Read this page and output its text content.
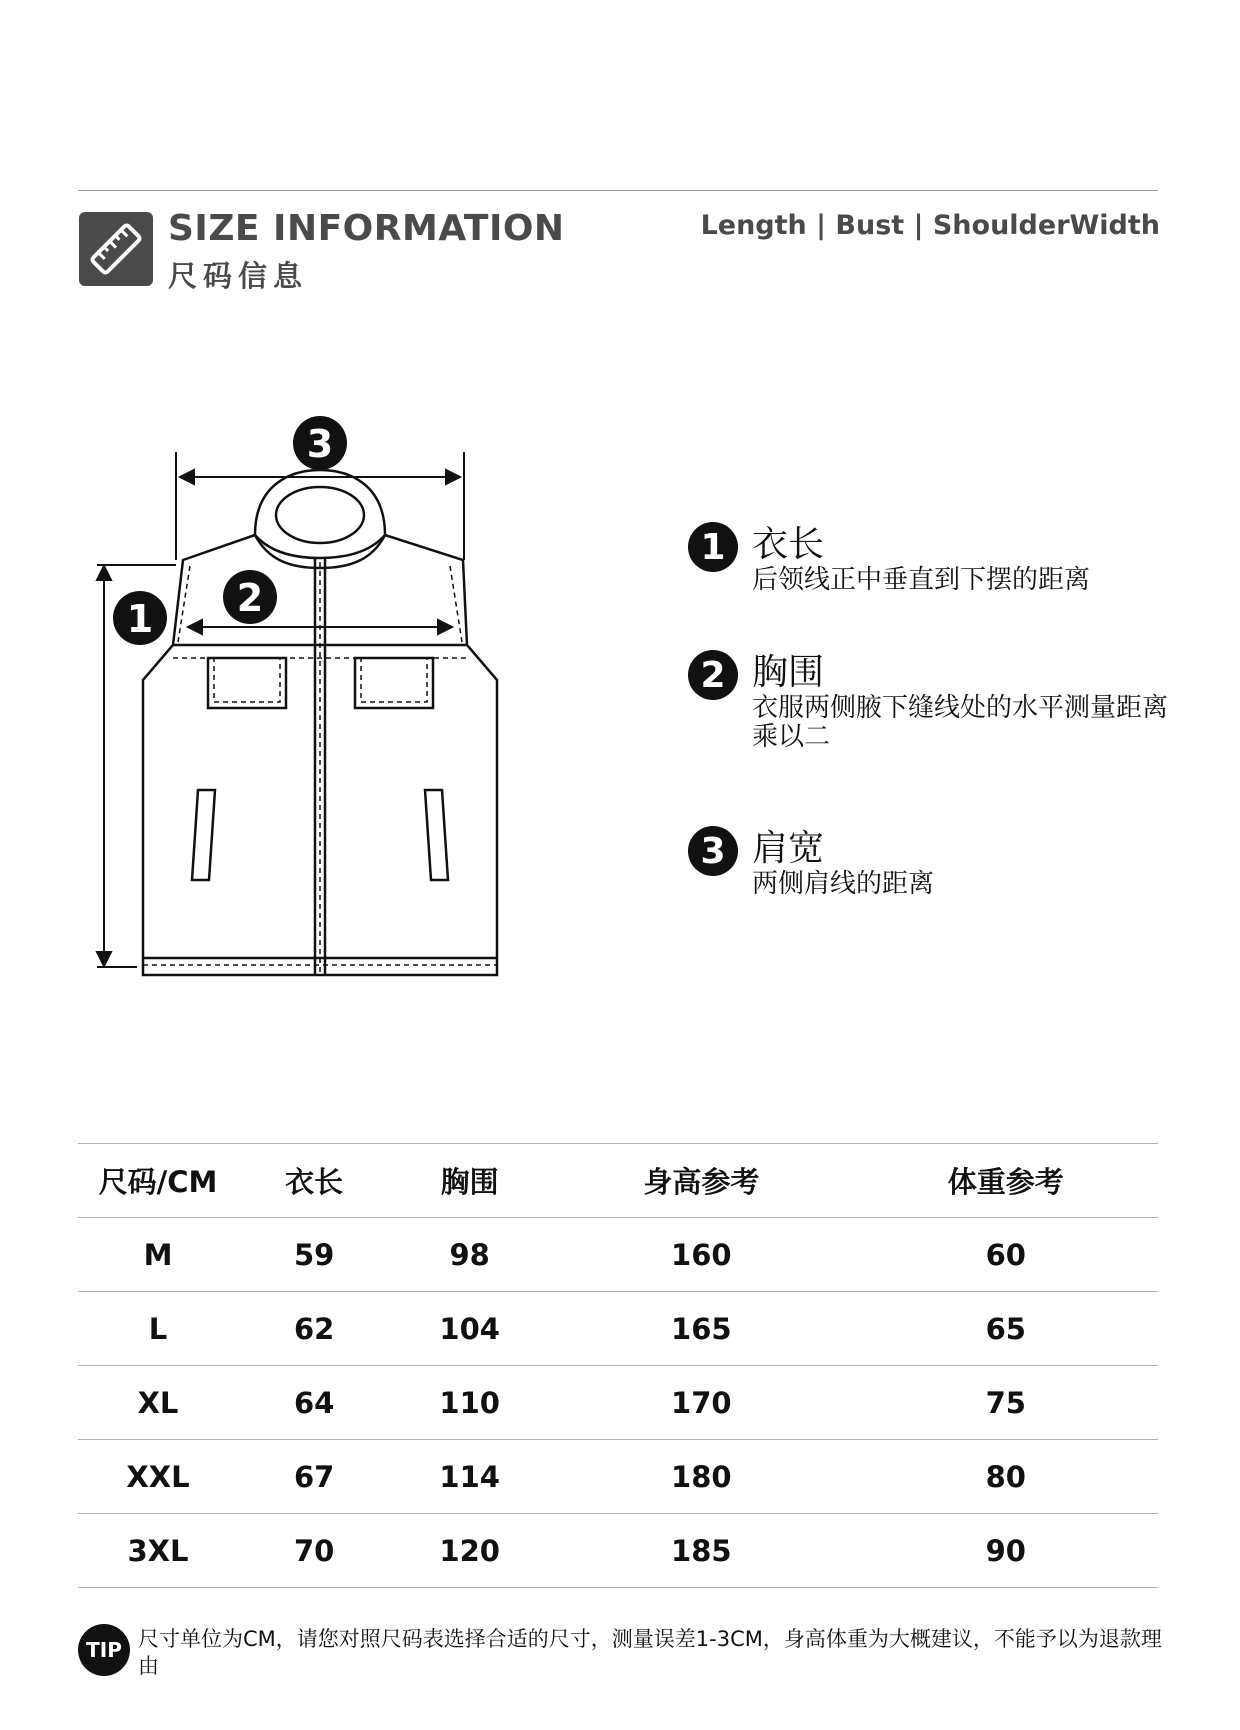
SIZE INFORMATION
尺码信息
Length | Bust | ShoulderWidth
3
2
1
1 衣长
后领线正中垂直到下摆的距离
2 胸围
衣服两侧腋下缝线处的水平测量距离乘以二
3 肩宽
两侧肩线的距离
尺码/CM	衣长	胸围	身高参考	体重参考
M	59	98	160	60
L	62	104	165	65
XL	64	110	170	75
XXL	67	114	180	80
3XL	70	120	185	90
TIP 尺寸单位为CM，请您对照尺码表选择合适的尺寸，测量误差1-3CM，身高体重为大概建议，不能予以为退款理由
